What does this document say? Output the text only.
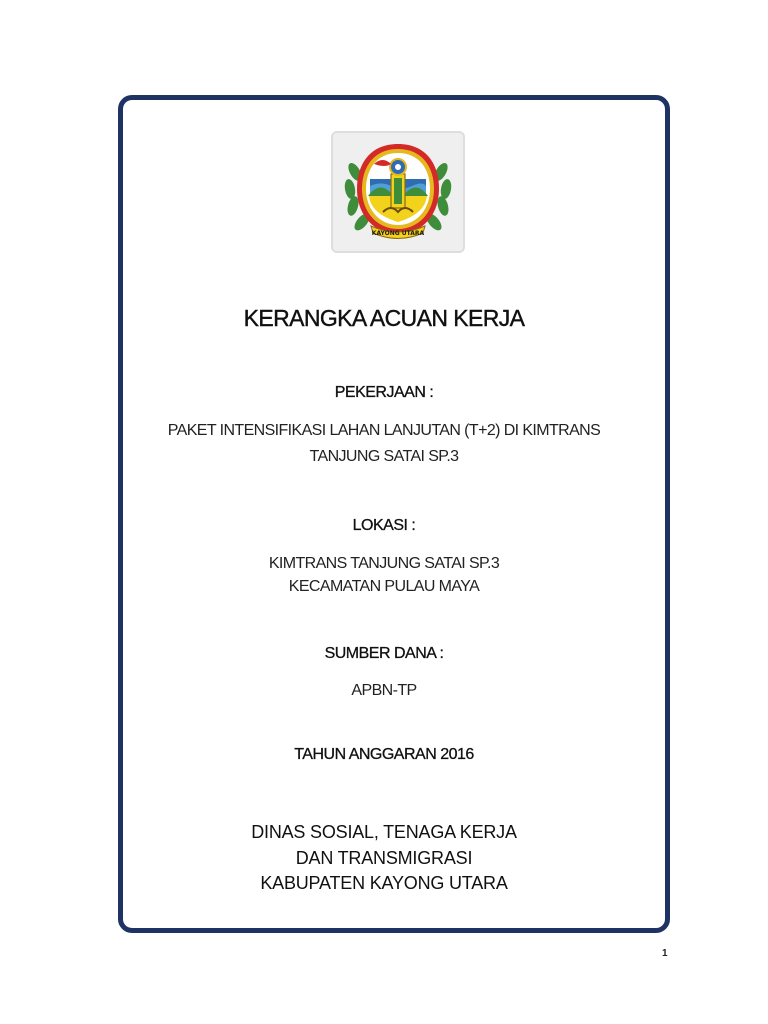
KAYONG UTARA
KERANGKA ACUAN KERJA
PEKERJAAN :
PAKET INTENSIFIKASI LAHAN LANJUTAN (T+2) DI KIMTRANS
TANJUNG SATAI SP.3
LOKASI :
KIMTRANS TANJUNG SATAI SP.3
KECAMATAN PULAU MAYA
SUMBER DANA :
APBN-TP
TAHUN ANGGARAN 2016
DINAS SOSIAL, TENAGA KERJA
DAN TRANSMIGRASI
KABUPATEN KAYONG UTARA
1
